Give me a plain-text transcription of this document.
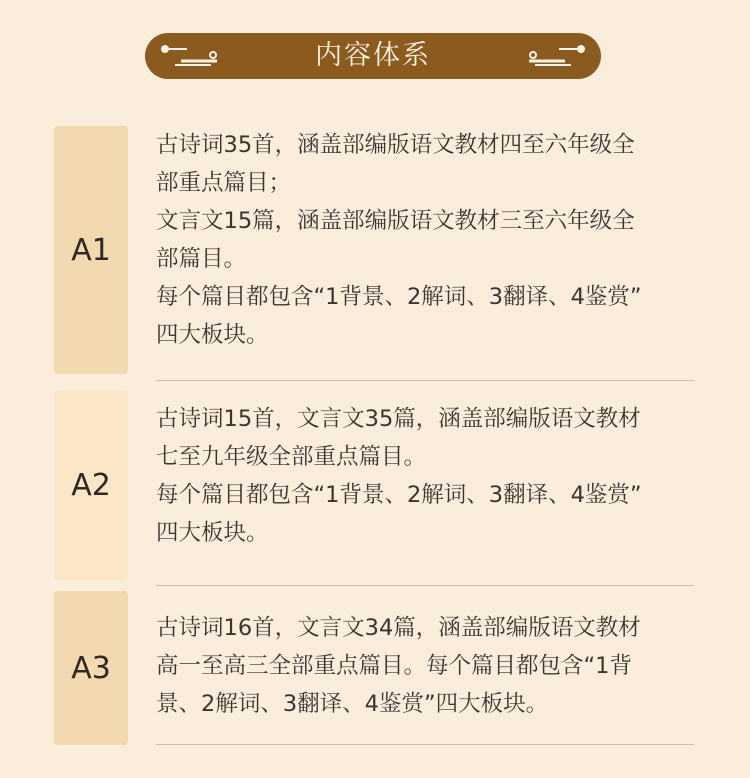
内容体系
A1
古诗词35首，涵盖部编版语文教材四至六年级全
部重点篇目；
文言文15篇，涵盖部编版语文教材三至六年级全
部篇目。
每个篇目都包含“1背景、2解词、3翻译、4鉴赏”
四大板块。
A2
古诗词15首，文言文35篇，涵盖部编版语文教材
七至九年级全部重点篇目。
每个篇目都包含“1背景、2解词、3翻译、4鉴赏”
四大板块。
A3
古诗词16首，文言文34篇，涵盖部编版语文教材
高一至高三全部重点篇目。每个篇目都包含“1背
景、2解词、3翻译、4鉴赏”四大板块。
